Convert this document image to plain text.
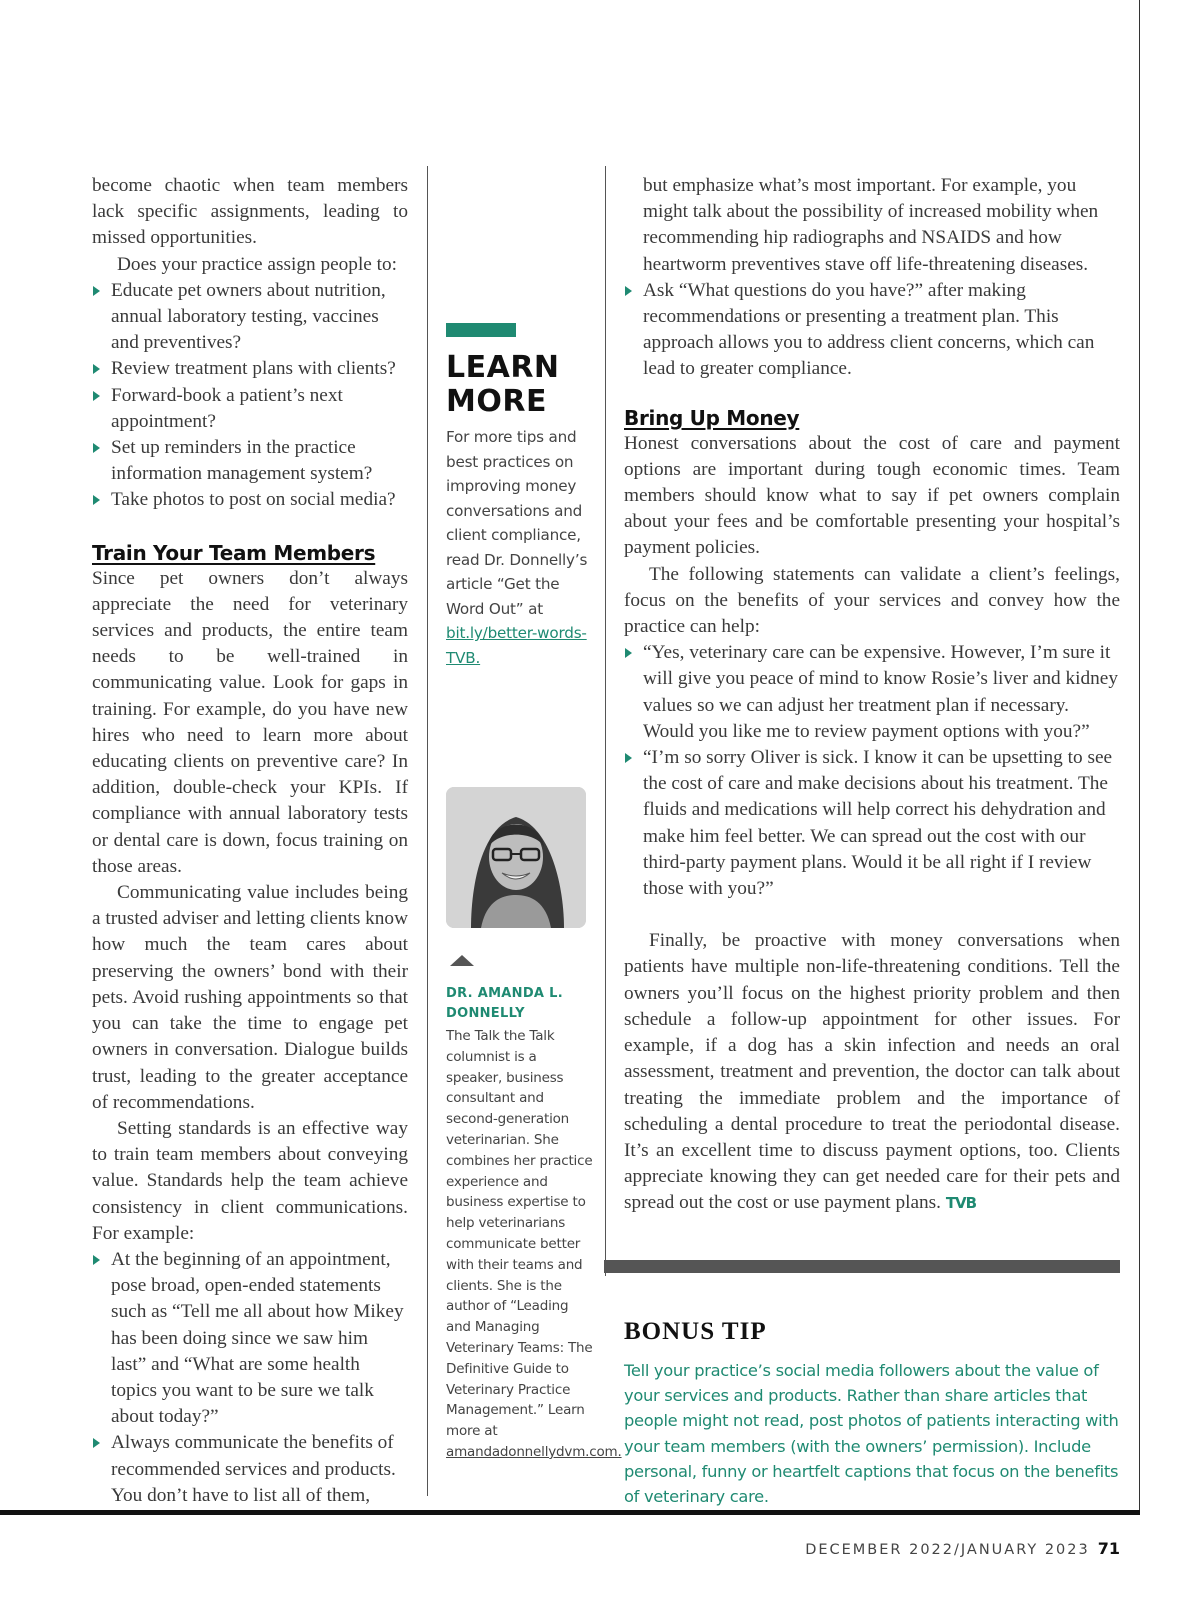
become chaotic when team members lack specific assignments, leading to missed opportunities.

Does your practice assign people to:

Educate pet owners about nutrition, annual laboratory testing, vaccines and preventives?
Review treatment plans with clients?
Forward-book a patient’s next appointment?
Set up reminders in the practice information management system?
Take photos to post on social media?
Train Your Team Members

Since pet owners don’t always appreciate the need for veterinary services and products, the entire team needs to be well-trained in communicating value. Look for gaps in training. For example, do you have new hires who need to learn more about educating clients on preventive care? In addition, double-check your KPIs. If compliance with annual laboratory tests or dental care is down, focus training on those areas.

Communicating value includes being a trusted adviser and letting clients know how much the team cares about preserving the owners’ bond with their pets. Avoid rushing appointments so that you can take the time to engage pet owners in conversation. Dialogue builds trust, leading to the greater acceptance of recommendations.

Setting standards is an effective way to train team members about conveying value. Standards help the team achieve consistency in client communications. For example:

At the beginning of an appointment, pose broad, open-ended statements such as “Tell me all about how Mikey has been doing since we saw him last” and “What are some health topics you want to be sure we talk about today?”
Always communicate the benefits of recommended services and products. You don’t have to list all of them,
LEARN
MORE
For more tips and best practices on improving money conversations and client compliance, read Dr. Donnelly’s article “Get the Word Out” at bit.ly/better-words-TVB.
DR. AMANDA L. DONNELLY
The Talk the Talk columnist is a speaker, business consultant and second-generation veterinarian. She combines her practice experience and business expertise to help veterinarians communicate better with their teams and clients. She is the author of “Leading and Managing Veterinary Teams: The Definitive Guide to Veterinary Practice Management.” Learn more at amandadonnellydvm.com.
but emphasize what’s most important. For example, you might talk about the possibility of increased mobility when recommending hip radiographs and NSAIDS and how heartworm preventives stave off life-threatening diseases.
Ask “What questions do you have?” after making recommendations or presenting a treatment plan. This approach allows you to address client concerns, which can lead to greater compliance.
Bring Up Money

Honest conversations about the cost of care and payment options are important during tough economic times. Team members should know what to say if pet owners complain about your fees and be comfortable presenting your hospital’s payment policies.

The following statements can validate a client’s feelings, focus on the benefits of your services and convey how the practice can help:

“Yes, veterinary care can be expensive. However, I’m sure it will give you peace of mind to know Rosie’s liver and kidney values so we can adjust her treatment plan if necessary. Would you like me to review payment options with you?”
“I’m so sorry Oliver is sick. I know it can be upsetting to see the cost of care and make decisions about his treatment. The fluids and medications will help correct his dehydration and make him feel better. We can spread out the cost with our third-party payment plans. Would it be all right if I review those with you?”

Finally, be proactive with money conversations when patients have multiple non-life-threatening conditions. Tell the owners you’ll focus on the highest priority problem and then schedule a follow-up appointment for other issues. For example, if a dog has a skin infection and needs an oral assessment, treatment and prevention, the doctor can talk about treating the immediate problem and the importance of scheduling a dental procedure to treat the periodontal disease. It’s an excellent time to discuss payment options, too. Clients appreciate knowing they can get needed care for their pets and spread out the cost or use payment plans. TVB

BONUS TIP
Tell your practice’s social media followers about the value of your services and products. Rather than share articles that people might not read, post photos of patients interacting with your team members (with the owners’ permission). Include personal, funny or heartfelt captions that focus on the benefits of veterinary care.
DECEMBER 2022/JANUARY 2023 71
